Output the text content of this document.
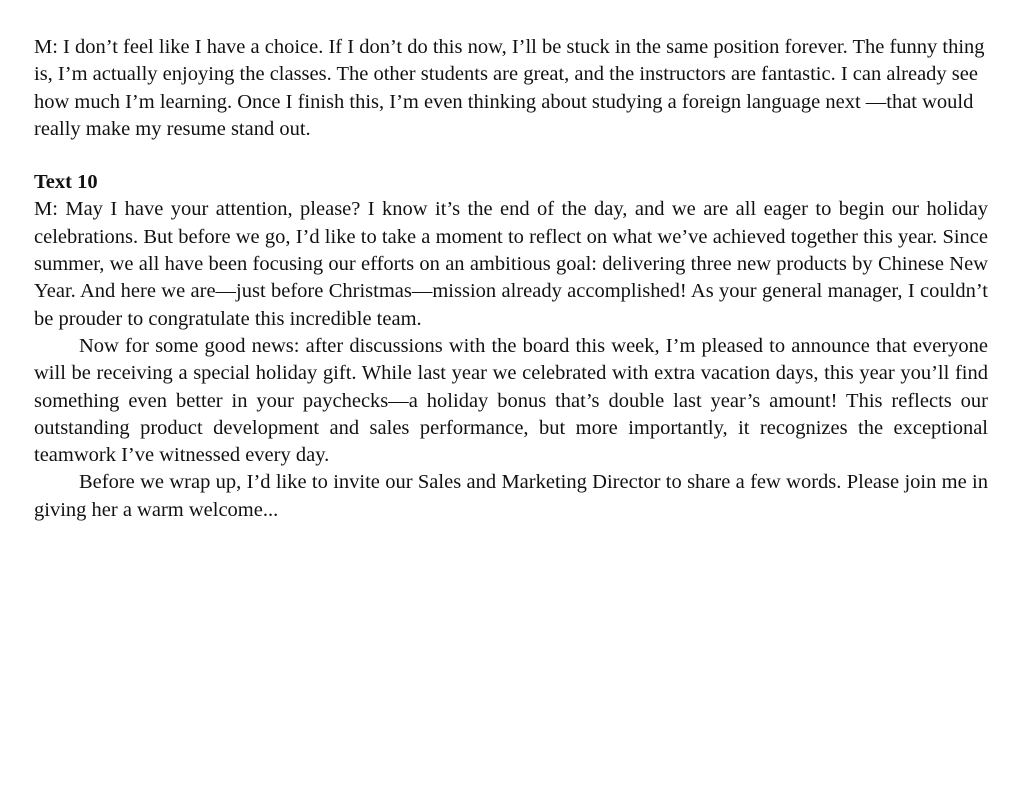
M: I don’t feel like I have a choice. If I don’t do this now, I’ll be stuck in the same position forever. The funny thing is, I’m actually enjoying the classes. The other students are great, and the instructors are fantastic. I can already see how much I’m learning. Once I finish this, I’m even thinking about studying a foreign language next —that would really make my resume stand out.

Text 10

M: May I have your attention, please? I know it’s the end of the day, and we are all eager to begin our holiday celebrations. But before we go, I’d like to take a moment to reflect on what we’ve achieved together this year. Since summer, we all have been focusing our efforts on an ambitious goal: delivering three new products by Chinese New Year. And here we are—just before Christmas—mission already accomplished! As your general manager, I couldn’t be prouder to congratulate this incredible team.

Now for some good news: after discussions with the board this week, I’m pleased to announce that everyone will be receiving a special holiday gift. While last year we celebrated with extra vacation days, this year you’ll find something even better in your paychecks—a holiday bonus that’s double last year’s amount! This reflects our outstanding product development and sales performance, but more importantly, it recognizes the exceptional teamwork I’ve witnessed every day.

Before we wrap up, I’d like to invite our Sales and Marketing Director to share a few words. Please join me in giving her a warm welcome...
